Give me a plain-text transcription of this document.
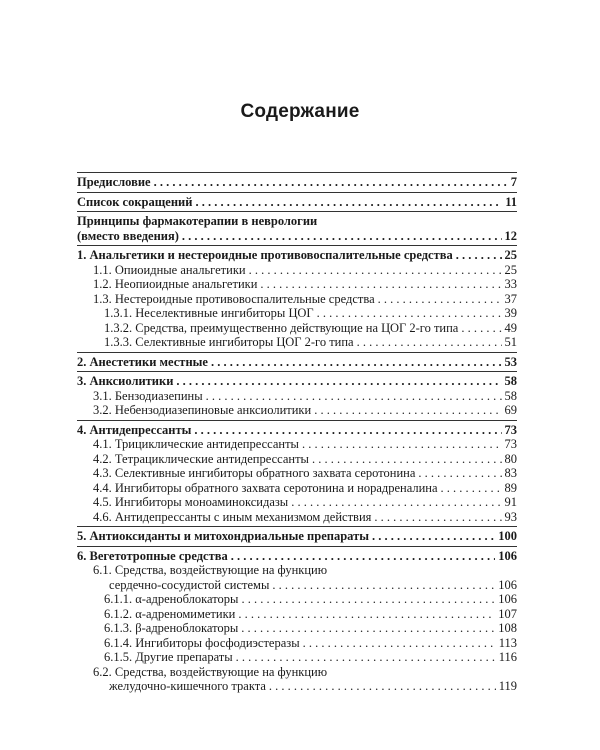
Содержание
Предисловие . . .	7
Список сокращений . . .	11
Принципы фармакотерапии в неврологии
(вместо введения) . . .	12
1. Анальгетики и нестероидные противовоспалительные средства . . .	25
1.1. Опиоидные анальгетики . . .	25
1.2. Неопиоидные анальгетики . . .	33
1.3. Нестероидные противовоспалительные средства . . .	37
1.3.1. Неселективные ингибиторы ЦОГ . . .	39
1.3.2. Средства, преимущественно действующие на ЦОГ 2-го типа . . .	49
1.3.3. Селективные ингибиторы ЦОГ 2-го типа . . .	51
2. Анестетики местные . . .	53
3. Анксиолитики . . .	58
3.1. Бензодиазепины . . .	58
3.2. Небензодиазепиновые анксиолитики . . .	69
4. Антидепрессанты . . .	73
4.1. Трициклические антидепрессанты . . .	73
4.2. Тетрациклические антидепрессанты . . .	80
4.3. Селективные ингибиторы обратного захвата серотонина . . .	83
4.4. Ингибиторы обратного захвата серотонина и норадреналина . . .	89
4.5. Ингибиторы моноаминоксидазы . . .	91
4.6. Антидепрессанты с иным механизмом действия . . .	93
5. Антиоксиданты и митохондриальные препараты . . .	100
6. Вегетотропные средства . . .	106
6.1. Средства, воздействующие на функцию
сердечно-сосудистой системы . . .	106
6.1.1. α-адреноблокаторы . . .	106
6.1.2. α-адреномиметики . . .	107
6.1.3. β-адреноблокаторы . . .	108
6.1.4. Ингибиторы фосфодиэстеразы . . .	113
6.1.5. Другие препараты . . .	116
6.2. Средства, воздействующие на функцию
желудочно-кишечного тракта . . .	119
